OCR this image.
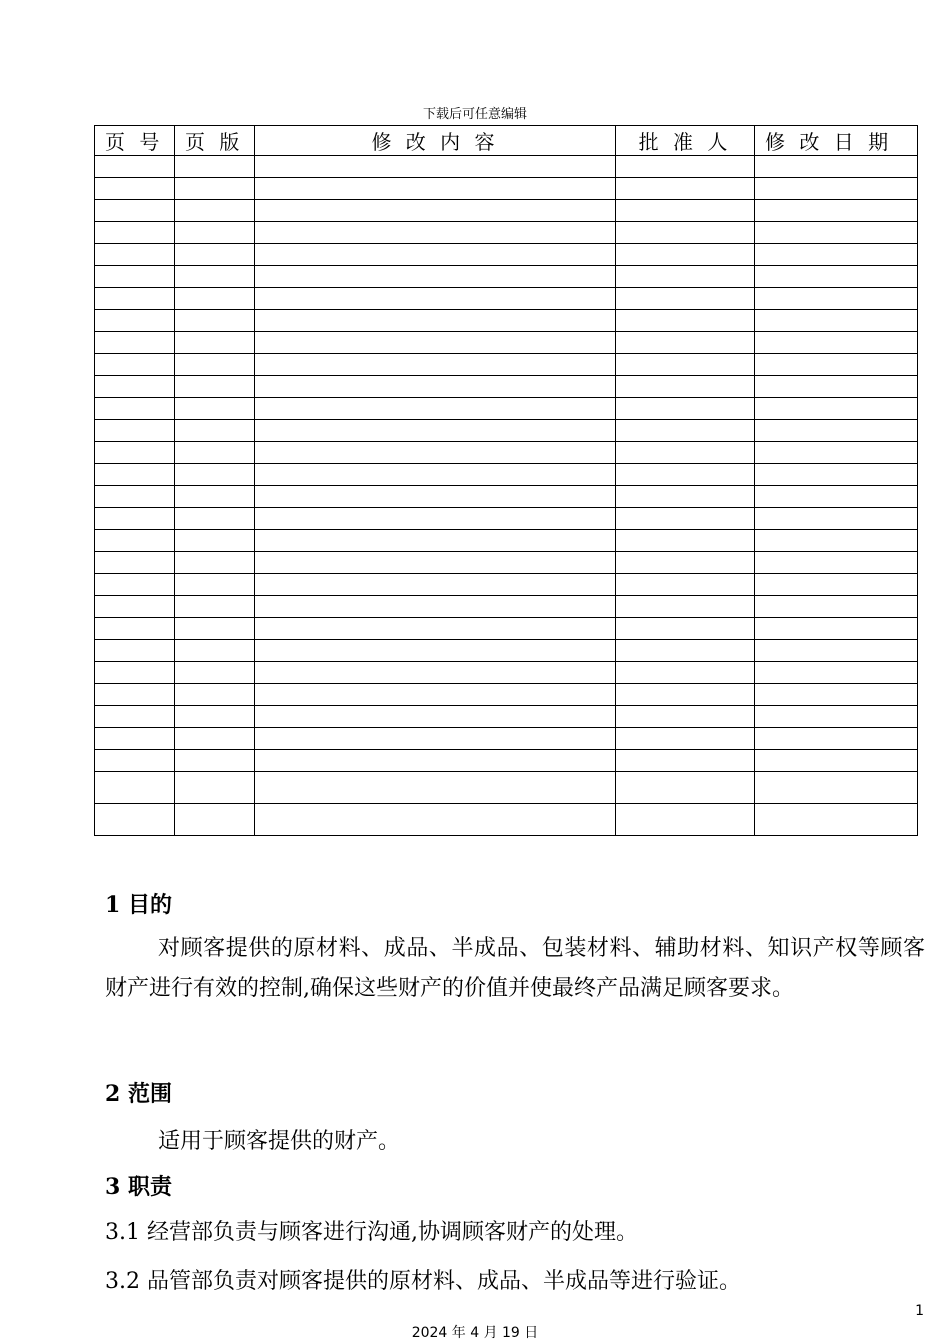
下载后可任意编辑
页 号	页 版	修 改 内 容	批 准 人	修 改 日 期

1 目的
对顾客提供的原材料、成品、半成品、包装材料、辅助材料、知识产权等顾客财产进行有效的控制,确保这些财产的价值并使最终产品满足顾客要求。
2 范围
适用于顾客提供的财产。
3 职责
3.1 经营部负责与顾客进行沟通,协调顾客财产的处理。
3.2 品管部负责对顾客提供的原材料、成品、半成品等进行验证。
1
2024 年 4 月 19 日
